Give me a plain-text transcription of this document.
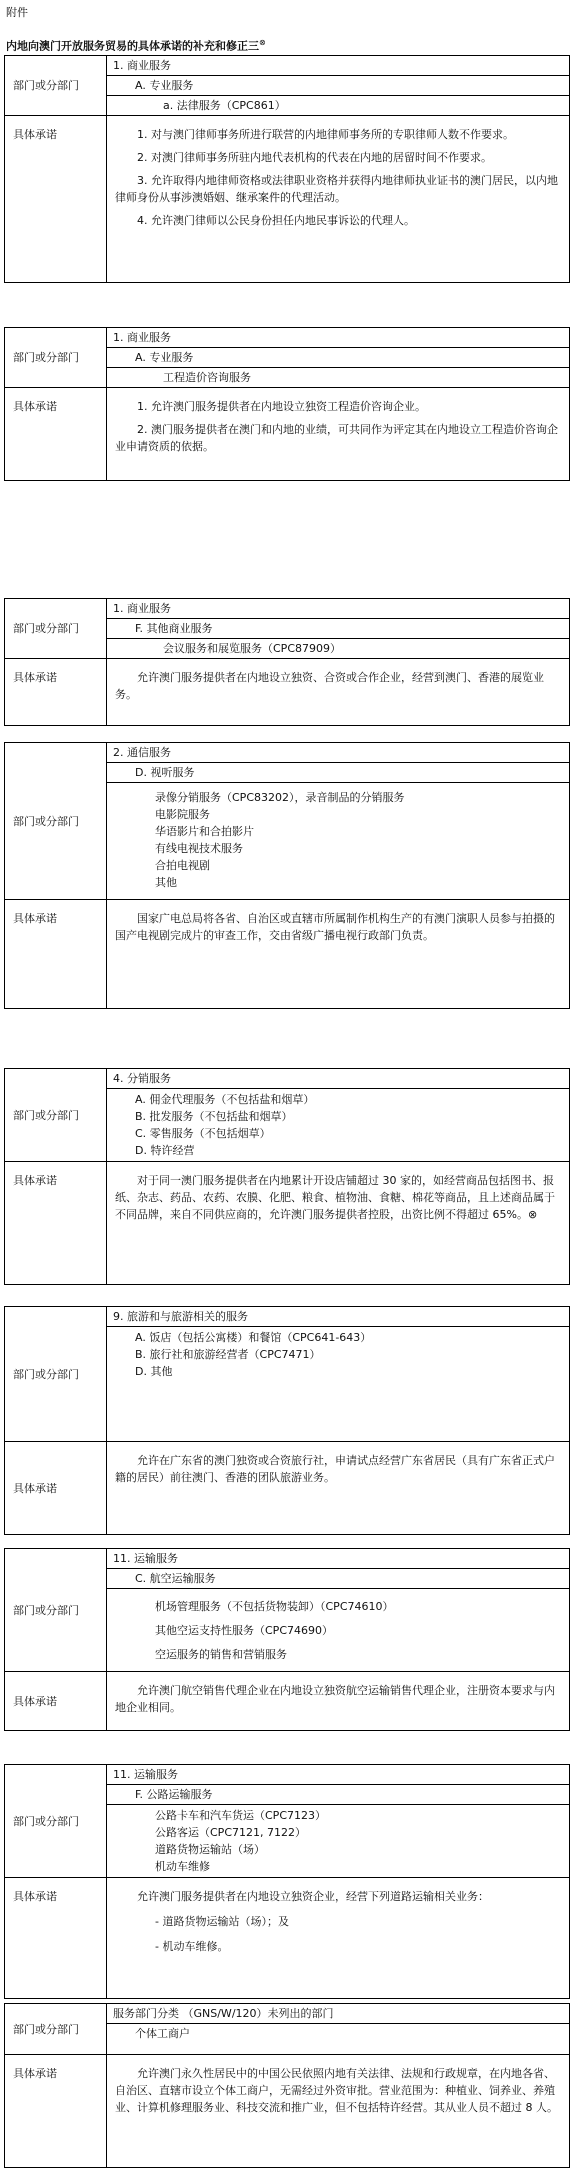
附件
内地向澳门开放服务贸易的具体承诺的补充和修正三⊗
部门或分部门
1. 商业服务
A. 专业服务
a. 法律服务（CPC861）
具体承诺	1. 对与澳门律师事务所进行联营的内地律师事务所的专职律师人数不作要求。

2. 对澳门律师事务所驻内地代表机构的代表在内地的居留时间不作要求。

3. 允许取得内地律师资格或法律职业资格并获得内地律师执业证书的澳门居民，以内地律师身份从事涉澳婚姻、继承案件的代理活动。

4. 允许澳门律师以公民身份担任内地民事诉讼的代理人。

部门或分部门
1. 商业服务
A. 专业服务
工程造价咨询服务
具体承诺	1. 允许澳门服务提供者在内地设立独资工程造价咨询企业。

2. 澳门服务提供者在澳门和内地的业绩，可共同作为评定其在内地设立工程造价咨询企业申请资质的依据。

部门或分部门
1. 商业服务
F. 其他商业服务
会议服务和展览服务（CPC87909）
具体承诺	允许澳门服务提供者在内地设立独资、合资或合作企业，经营到澳门、香港的展览业务。

部门或分部门
2. 通信服务
D. 视听服务
录像分销服务（CPC83202），录音制品的分销服务
电影院服务
华语影片和合拍影片
有线电视技术服务
合拍电视剧
其他
具体承诺	国家广电总局将各省、自治区或直辖市所属制作机构生产的有澳门演职人员参与拍摄的国产电视剧完成片的审查工作，交由省级广播电视行政部门负责。

部门或分部门
4. 分销服务
A. 佣金代理服务（不包括盐和烟草）
B. 批发服务（不包括盐和烟草）
C. 零售服务（不包括烟草）
D. 特许经营
具体承诺	对于同一澳门服务提供者在内地累计开设店铺超过 30 家的，如经营商品包括图书、报纸、杂志、药品、农药、农膜、化肥、粮食、植物油、食糖、棉花等商品，且上述商品属于不同品牌，来自不同供应商的，允许澳门服务提供者控股，出资比例不得超过 65%。⊗

部门或分部门
9. 旅游和与旅游相关的服务
A. 饭店（包括公寓楼）和餐馆（CPC641-643）
B. 旅行社和旅游经营者（CPC7471）
D. 其他
具体承诺

允许在广东省的澳门独资或合资旅行社，申请试点经营广东省居民（具有广东省正式户籍的居民）前往澳门、香港的团队旅游业务。

部门或分部门
11. 运输服务
C. 航空运输服务
机场管理服务（不包括货物装卸）（CPC74610）
其他空运支持性服务（CPC74690）
空运服务的销售和营销服务
具体承诺

允许澳门航空销售代理企业在内地设立独资航空运输销售代理企业，注册资本要求与内地企业相同。

部门或分部门
11. 运输服务
F. 公路运输服务
公路卡车和汽车货运（CPC7123）
公路客运（CPC7121, 7122）
道路货物运输站（场）
机动车维修
具体承诺	允许澳门服务提供者在内地设立独资企业，经营下列道路运输相关业务：

- 道路货物运输站（场）；及
- 机动车维修。
部门或分部门
服务部门分类 （GNS/W/120）未列出的部门
个体工商户
具体承诺	允许澳门永久性居民中的中国公民依照内地有关法律、法规和行政规章，在内地各省、自治区、直辖市设立个体工商户，无需经过外资审批。营业范围为：种植业、饲养业、养殖业、计算机修理服务业、科技交流和推广业，但不包括特许经营。其从业人员不超过 8 人。
